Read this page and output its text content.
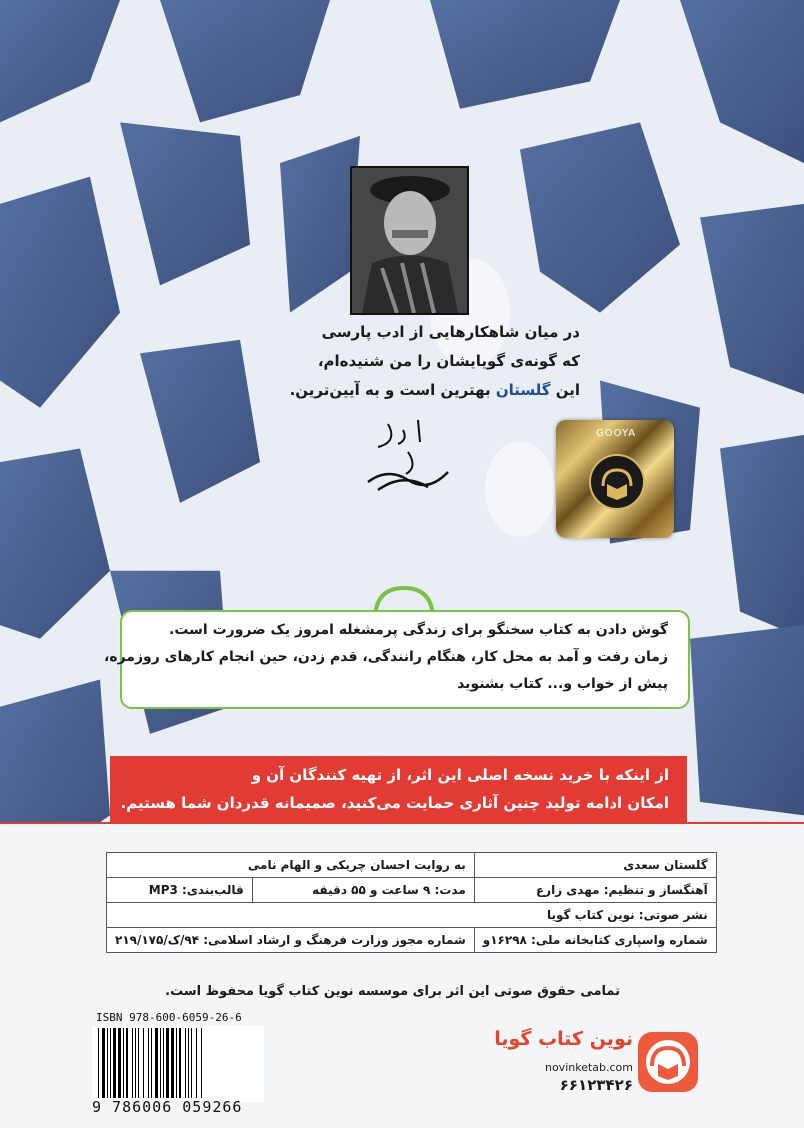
در میان شاهکارهایی از ادب پارسی
که گونه‌ی گویایشان را من شنیده‌ام،
این گلستان بهترین است و به آیین‌ترین.
GOOYA

گوش دادن به کتاب سخنگو برای زندگی پرمشغله امروز یک ضرورت است.

زمان رفت و آمد به محل کار، هنگام رانندگی، قدم زدن، حین انجام کارهای روزمره،

پیش از خواب و... کتاب بشنوید

از اینکه با خرید نسخه اصلی این اثر، از تهیه کنندگان آن و

امکان ادامه تولید چنین آثاری حمایت می‌کنید، صمیمانه قدردان شما هستیم.

گلستان سعدی	به روایت احسان چریکی و الهام نامی	
آهنگساز و تنظیم: مهدی زارع	مدت: ۹ ساعت و ۵۵ دقیقه	قالب‌بندی: MP3
نشر صوتی: نوین کتاب گویا		
شماره واسپاری کتابخانه ملی: ۱۶۲۹۸و	شماره مجوز وزارت فرهنگ و ارشاد اسلامی: ۹۴/ک/۲۱۹/۱۷۵	
تمامی حقوق صوتی این اثر برای موسسه نوین کتاب گویا محفوظ است.
ISBN 978-600-6059-26-6
9 786006 059266
نوین کتاب گویا
novinketab.com
۶۶۱۲۳۴۲۶
